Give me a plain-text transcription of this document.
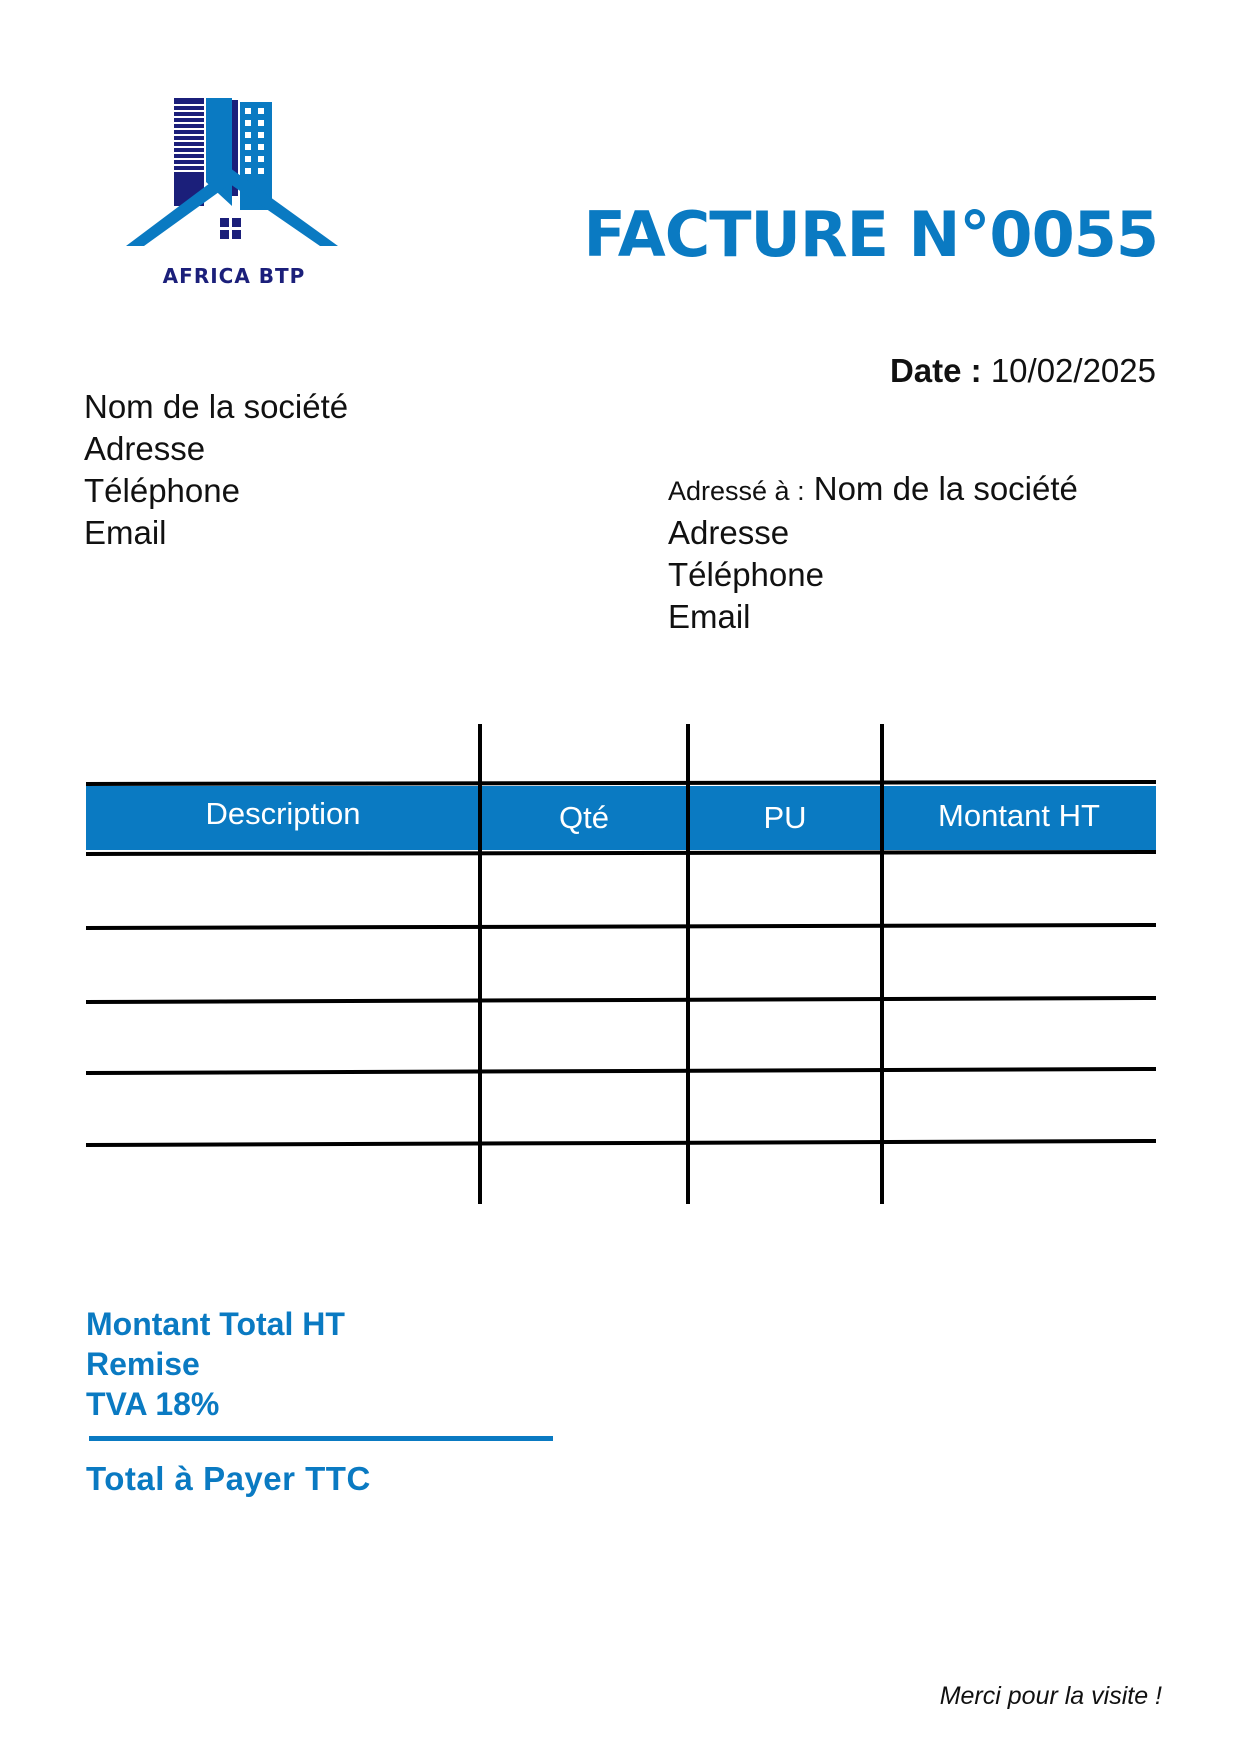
AFRICA BTP
FACTURE N°0055
Date : 10/02/2025
Nom de la société
Adresse
Téléphone
Email
Adressé à : Nom de la société
Adresse
Téléphone
Email
Description	Qté	PU	Montant HT
Montant Total HT
Remise
TVA 18%
Total à Payer TTC
Merci pour la visite !
